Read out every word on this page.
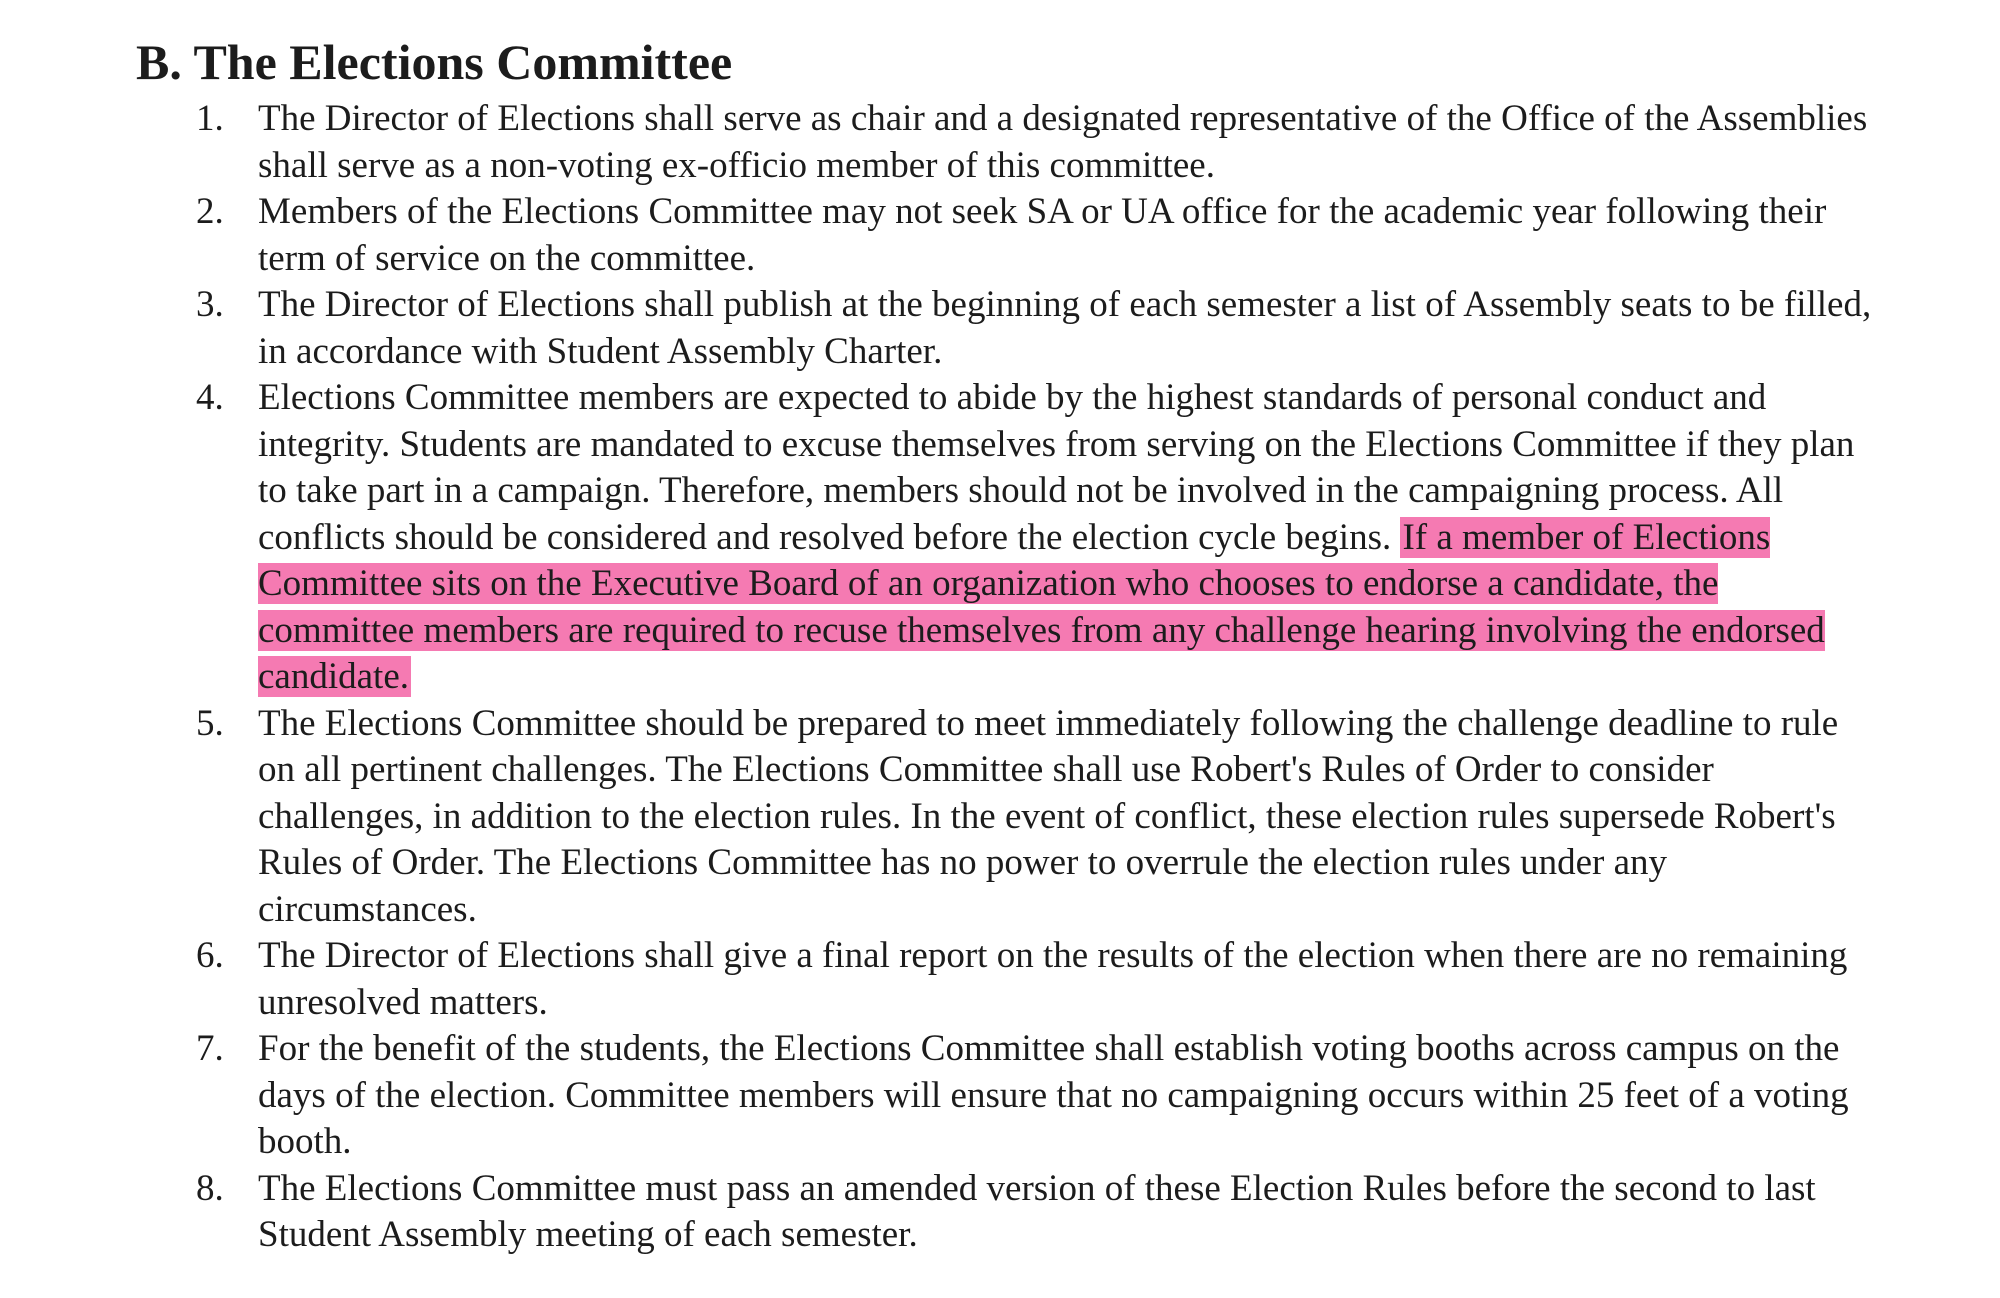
B. The Elections Committee
1. The Director of Elections shall serve as chair and a designated representative of the Office of the Assemblies shall serve as a non-voting ex-officio member of this committee.
2. Members of the Elections Committee may not seek SA or UA office for the academic year following their term of service on the committee.
3. The Director of Elections shall publish at the beginning of each semester a list of Assembly seats to be filled, in accordance with Student Assembly Charter.
4. Elections Committee members are expected to abide by the highest standards of personal conduct and integrity. Students are mandated to excuse themselves from serving on the Elections Committee if they plan to take part in a campaign. Therefore, members should not be involved in the campaigning process. All conflicts should be considered and resolved before the election cycle begins. If a member of Elections Committee sits on the Executive Board of an organization who chooses to endorse a candidate, the committee members are required to recuse themselves from any challenge hearing involving the endorsed candidate.
5. The Elections Committee should be prepared to meet immediately following the challenge deadline to rule on all pertinent challenges. The Elections Committee shall use Robert's Rules of Order to consider challenges, in addition to the election rules. In the event of conflict, these election rules supersede Robert's Rules of Order. The Elections Committee has no power to overrule the election rules under any circumstances.
6. The Director of Elections shall give a final report on the results of the election when there are no remaining unresolved matters.
7. For the benefit of the students, the Elections Committee shall establish voting booths across campus on the days of the election. Committee members will ensure that no campaigning occurs within 25 feet of a voting booth.
8. The Elections Committee must pass an amended version of these Election Rules before the second to last Student Assembly meeting of each semester.
